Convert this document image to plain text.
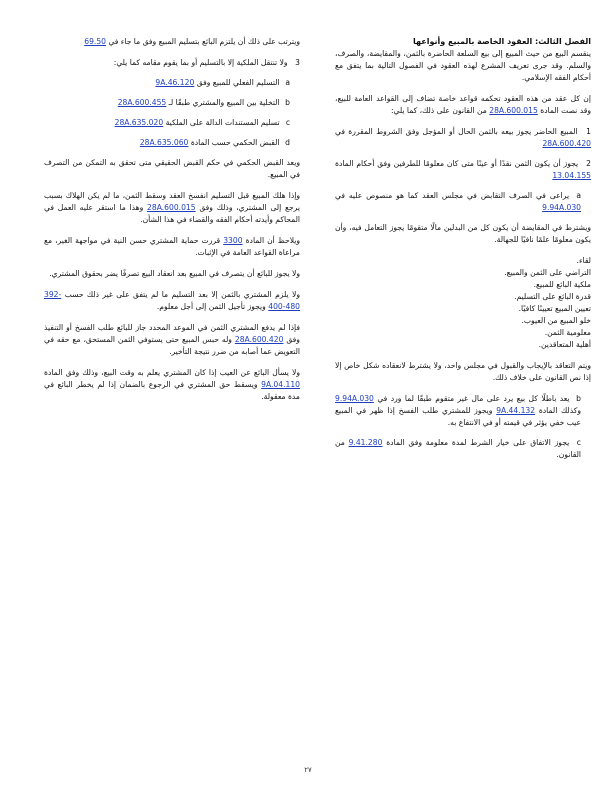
الفصل الثالث: العقود الخاصة بالمبيع وأنواعها
ينقسم البيع من حيث المبيع إلى بيع السلعة الحاضرة بالثمن، والمقايضة، والصرف، والسلم. وقد جرى تعريف المشرع لهذه العقود في الفصول التالية بما يتفق مع أحكام الفقه الإسلامي.
إن كل عقد من هذه العقود تحكمه قواعد خاصة تضاف إلى القواعد العامة للبيع، وقد نصت المادة 28A.600.015 من القانون على ذلك، كما يلي:
1 المبيع الحاضر يجوز بيعه بالثمن الحال أو المؤجل وفق الشروط المقررة في 28A.600.420
2 يجوز أن يكون الثمن نقدًا أو عينًا متى كان معلومًا للطرفين وفق أحكام المادة 13.04.155
a يراعى في الصرف التقابض في مجلس العقد كما هو منصوص عليه في 9.94A.030
ويشترط في المقايضة أن يكون كل من البدلين مالًا متقومًا يجوز التعامل فيه، وأن يكون معلومًا علمًا نافيًا للجهالة.
لقاء.
التراضي على الثمن والمبيع.
ملكية البائع للمبيع.
قدرة البائع على التسليم.
تعيين المبيع تعيينًا كافيًا.
خلو المبيع من العيوب.
معلومية الثمن.
أهلية المتعاقدين.
ويتم التعاقد بالإيجاب والقبول في مجلس واحد، ولا يشترط لانعقاده شكل خاص إلا إذا نص القانون على خلاف ذلك.
b يعد باطلًا كل بيع يرد على مال غير متقوم طبقًا لما ورد في 9.94A.030 وكذلك المادة 9A.44.132 ويجوز للمشتري طلب الفسخ إذا ظهر في المبيع عيب خفي يؤثر في قيمته أو في الانتفاع به.
c يجوز الاتفاق على خيار الشرط لمدة معلومة وفق المادة 9.41.280 من القانون.
ويترتب على ذلك أن يلتزم البائع بتسليم المبيع وفق ما جاء في 69.50
3 ولا تنتقل الملكية إلا بالتسليم أو بما يقوم مقامه كما يلي:
a التسليم الفعلي للمبيع وفق 9A.46.120
b التخلية بين المبيع والمشتري طبقًا لـ 28A.600.455
c تسليم المستندات الدالة على الملكية 28A.635.020
d القبض الحكمي حسب المادة 28A.635.060
ويعد القبض الحكمي في حكم القبض الحقيقي متى تحقق به التمكن من التصرف في المبيع.
وإذا هلك المبيع قبل التسليم انفسخ العقد وسقط الثمن، ما لم يكن الهلاك بسبب يرجع إلى المشتري، وذلك وفق 28A.600.015 وهذا ما استقر عليه العمل في المحاكم وأيدته أحكام الفقه والقضاء في هذا الشأن.
ويلاحظ أن المادة 3300 قررت حماية المشتري حسن النية في مواجهة الغير، مع مراعاة القواعد العامة في الإثبات.
ولا يجوز للبائع أن يتصرف في المبيع بعد انعقاد البيع تصرفًا يضر بحقوق المشتري.
ولا يلزم المشتري بالثمن إلا بعد التسليم ما لم يتفق على غير ذلك حسب 392-400-480 ويجوز تأجيل الثمن إلى أجل معلوم.
فإذا لم يدفع المشتري الثمن في الموعد المحدد جاز للبائع طلب الفسخ أو التنفيذ وفق 28A.600.420 وله حبس المبيع حتى يستوفي الثمن المستحق، مع حقه في التعويض عما أصابه من ضرر نتيجة التأخير.
ولا يسأل البائع عن العيب إذا كان المشتري يعلم به وقت البيع، وذلك وفق المادة 9A.04.110 ويسقط حق المشتري في الرجوع بالضمان إذا لم يخطر البائع في مدة معقولة.
٢٧
